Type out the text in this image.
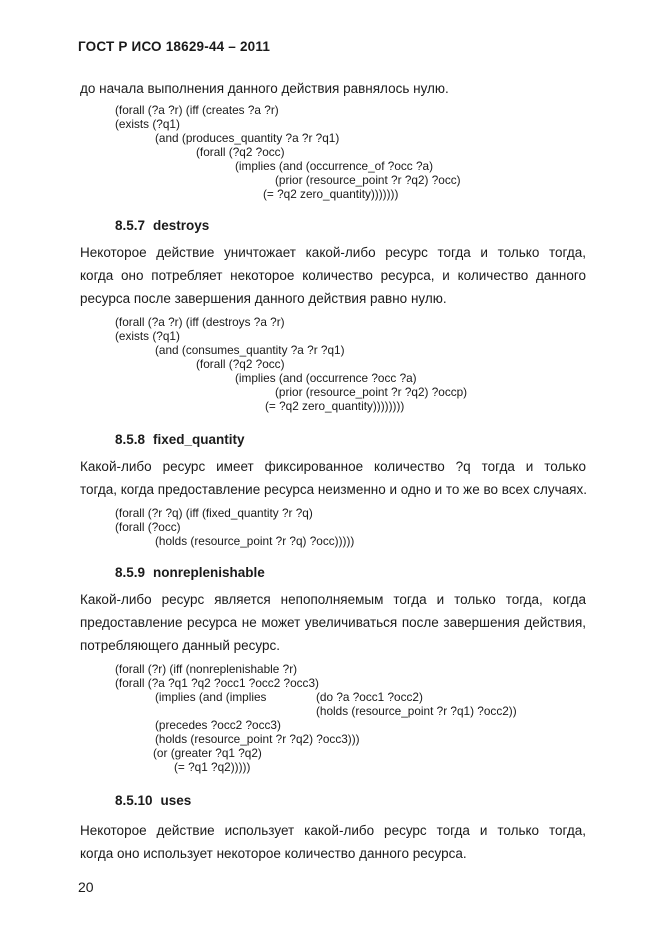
ГОСТ Р ИСО 18629-44 – 2011
до начала выполнения данного действия равнялось нулю.
(forall (?a ?r) (iff (creates ?a ?r)
(exists (?q1)
(and (produces_quantity ?a ?r ?q1)
(forall (?q2 ?occ)
(implies (and (occurrence_of ?occ ?a)
(prior (resource_point ?r ?q2) ?occ)
(= ?q2 zero_quantity)))))))
8.5.7 destroys
Некоторое действие уничтожает какой-либо ресурс тогда и только тогда,
когда оно потребляет некоторое количество ресурса, и количество данного
ресурса после завершения данного действия равно нулю.
(forall (?a ?r) (iff (destroys ?a ?r)
(exists (?q1)
(and (consumes_quantity ?a ?r ?q1)
(forall (?q2 ?occ)
(implies (and (occurrence ?occ ?a)
(prior (resource_point ?r ?q2) ?occp)
(= ?q2 zero_quantity))))))))
8.5.8 fixed_quantity
Какой-либо ресурс имеет фиксированное количество ?q тогда и только
тогда, когда предоставление ресурса неизменно и одно и то же во всех случаях.
(forall (?r ?q) (iff (fixed_quantity ?r ?q)
(forall (?occ)
(holds (resource_point ?r ?q) ?occ)))))
8.5.9 nonreplenishable
Какой-либо ресурс является непополняемым тогда и только тогда, когда
предоставление ресурса не может увеличиваться после завершения действия,
потребляющего данный ресурс.
(forall (?r) (iff (nonreplenishable ?r)
(forall (?a ?q1 ?q2 ?occ1 ?occ2 ?occ3)
(implies (and (implies	(do ?a ?occ1 ?occ2)
(holds (resource_point ?r ?q1) ?occ2))
(precedes ?occ2 ?occ3)
(holds (resource_point ?r ?q2) ?occ3)))
(or (greater ?q1 ?q2)
(= ?q1 ?q2)))))
8.5.10 uses
Некоторое действие использует какой-либо ресурс тогда и только тогда,
когда оно использует некоторое количество данного ресурса.
20
